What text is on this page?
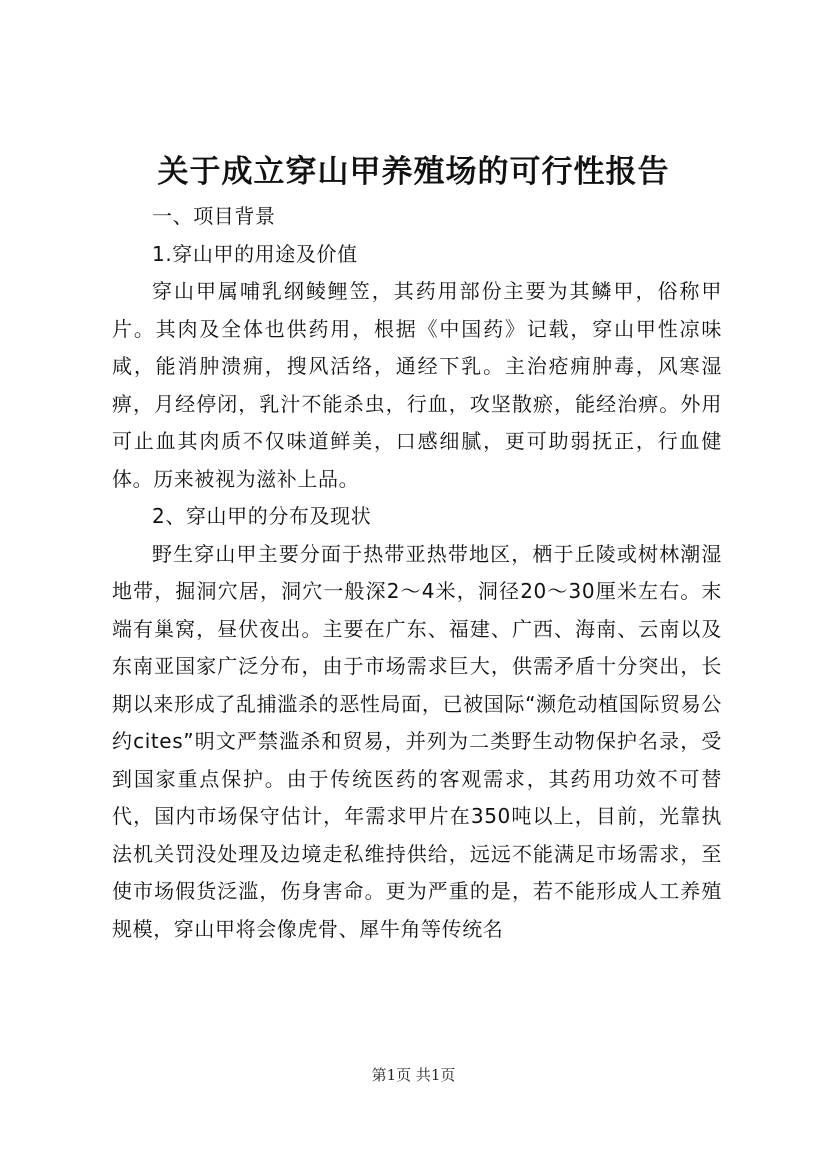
关于成立穿山甲养殖场的可行性报告

一、项目背景

1.穿山甲的用途及价值

穿山甲属哺乳纲鲮鲤笠，其药用部份主要为其鳞甲，俗称甲片。其肉及全体也供药用，根据《中国药》记载，穿山甲性凉味咸，能消肿溃痈，搜风活络，通经下乳。主治疮痈肿毒，风寒湿痹，月经停闭，乳汁不能杀虫，行血，攻坚散瘀，能经治痹。外用可止血其肉质不仅味道鲜美，口感细腻，更可助弱抚正，行血健体。历来被视为滋补上品。

2、穿山甲的分布及现状

野生穿山甲主要分面于热带亚热带地区，栖于丘陵或树林潮湿地带，掘洞穴居，洞穴一般深2～4米，洞径20～30厘米左右。末端有巢窝，昼伏夜出。主要在广东、福建、广西、海南、云南以及东南亚国家广泛分布，由于市场需求巨大，供需矛盾十分突出，长期以来形成了乱捕滥杀的恶性局面，已被国际“濒危动植国际贸易公约cites”明文严禁滥杀和贸易，并列为二类野生动物保护名录，受到国家重点保护。由于传统医药的客观需求，其药用功效不可替代，国内市场保守估计，年需求甲片在350吨以上，目前，光靠执法机关罚没处理及边境走私维持供给，远远不能满足市场需求，至使市场假货泛滥，伤身害命。更为严重的是，若不能形成人工养殖规模，穿山甲将会像虎骨、犀牛角等传统名

第1页 共1页
